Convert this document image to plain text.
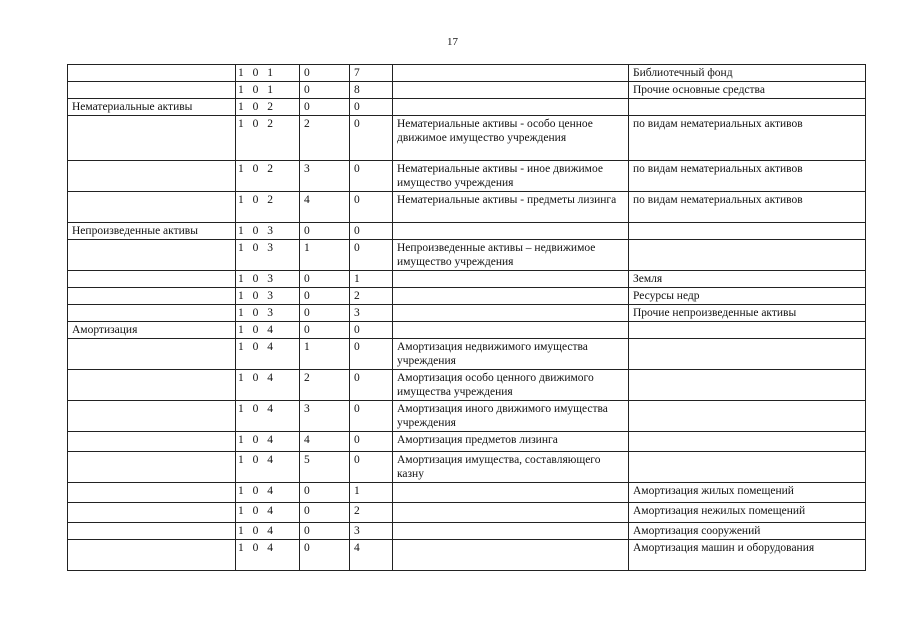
17
	1 0 1	0	7		Библиотечный фонд
	1 0 1	0	8		Прочие основные средства
Нематериальные активы	1 0 2	0	0		
	1 0 2	2	0	Нематериальные активы - особо ценное движимое имущество учреждения	по видам нематериальных активов
	1 0 2	3	0	Нематериальные активы - иное движимое имущество учреждения	по видам нематериальных активов
	1 0 2	4	0	Нематериальные активы - предметы лизинга	по видам нематериальных активов
Непроизведенные активы	1 0 3	0	0		
	1 0 3	1	0	Непроизведенные активы – недвижимое имущество учреждения	
	1 0 3	0	1		Земля
	1 0 3	0	2		Ресурсы недр
	1 0 3	0	3		Прочие непроизведенные активы
Амортизация	1 0 4	0	0		
	1 0 4	1	0	Амортизация недвижимого имущества учреждения	
	1 0 4	2	0	Амортизация особо ценного движимого имущества учреждения	
	1 0 4	3	0	Амортизация иного движимого имущества учреждения	
	1 0 4	4	0	Амортизация предметов лизинга	
	1 0 4	5	0	Амортизация имущества, составляющего казну	
	1 0 4	0	1		Амортизация жилых помещений
	1 0 4	0	2		Амортизация нежилых помещений
	1 0 4	0	3		Амортизация сооружений
	1 0 4	0	4		Амортизация машин и оборудования
